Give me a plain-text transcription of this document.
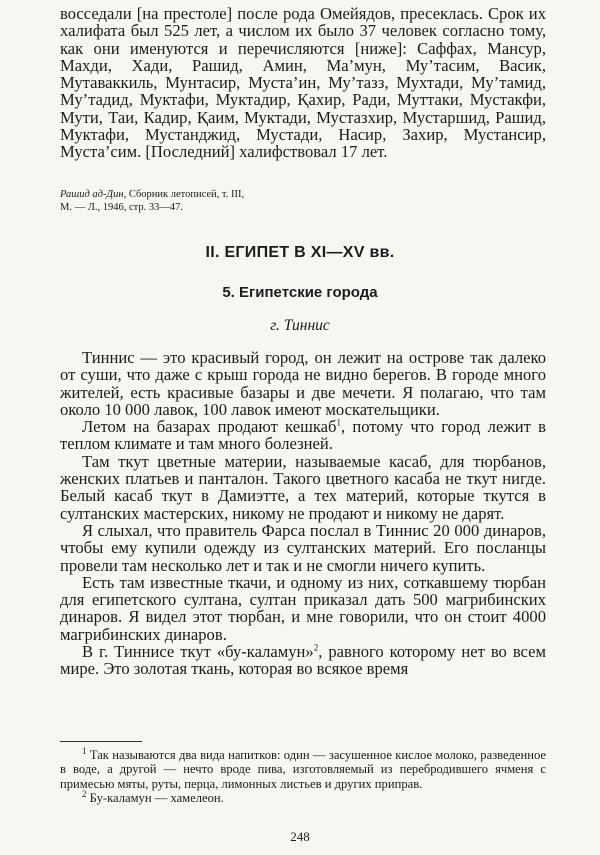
восседали [на престоле] после рода Омейядов, пресеклась. Срок их халифата был 525 лет, а числом их было 37 человек согласно тому, как они именуются и перечисляются [ниже]: Саффах, Мансур, Махди, Хади, Рашид, Амин, Ма’мун, Му’тасим, Васик, Мутаваккиль, Мунтасир, Муста’ин, Му’тазз, Мухтади, Му’тамид, Му’тадид, Муктафи, Муктадир, Қахир, Ради, Муттаки, Мустакфи, Мути, Таи, Кадир, Қаим, Муктади, Мустазхир, Мустаршид, Рашид, Муктафи, Мустанджид, Мустади, Насир, Захир, Мустансир, Муста’сим. [Последний] халифствовал 17 лет.

Рашид ад-Дин, Сборник летописей, т. III,

М. — Л., 1946, стр. 33—47.

II. ЕГИПЕТ В XI—XV вв.
5. Египетские города
г. Тиннис

Тиннис — это красивый город, он лежит на острове так далеко от суши, что даже с крыш города не видно берегов. В городе много жителей, есть красивые базары и две мечети. Я полагаю, что там около 10 000 лавок, 100 лавок имеют москательщики.

Летом на базарах продают кешкаб$^1$, потому что город лежит в теплом климате и там много болезней.

Там ткут цветные материи, называемые касаб, для тюрбанов, женских платьев и панталон. Такого цветного касаба не ткут нигде. Белый касаб ткут в Дамиэтте, а тех материй, которые ткутся в султанских мастерских, никому не продают и никому не дарят.

Я слыхал, что правитель Фарса послал в Тиннис 20 000 динаров, чтобы ему купили одежду из султанских материй. Его посланцы провели там несколько лет и так и не смогли ничего купить.

Есть там известные ткачи, и одному из них, соткавшему тюрбан для египетского султана, султан приказал дать 500 магрибинских динаров. Я видел этот тюрбан, и мне говорили, что он стоит 4000 магрибинских динаров.

В г. Тиннисе ткут «бу-каламун»$^2$, равного которому нет во всем мире. Это золотая ткань, которая во всякое время

$^1$ Так называются два вида напитков: один — засушенное кислое молоко, разведенное в воде, а другой — нечто вроде пива, изготовляемый из перебродившего ячменя с примесью мяты, руты, перца, лимонных листьев и других приправ.

$^2$ Бу-каламун — хамелеон.

248
